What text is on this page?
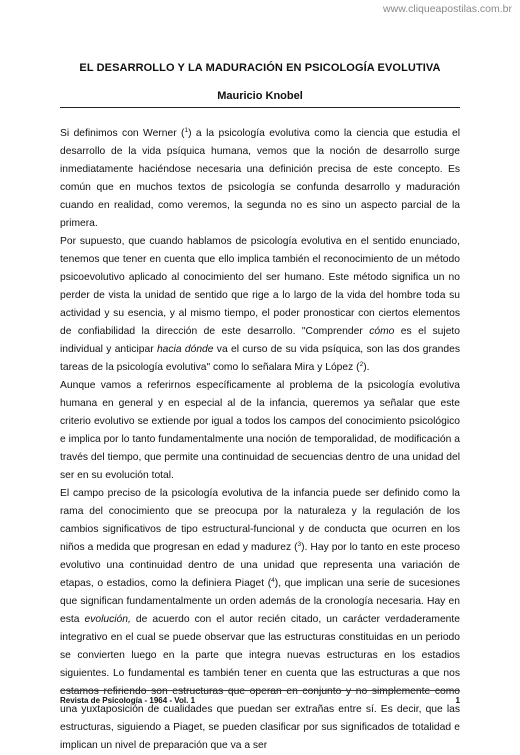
www.cliqueapostilas.com.br
EL DESARROLLO Y LA MADURACIÓN EN PSICOLOGÍA EVOLUTIVA
Mauricio Knobel

Si definimos con Werner ($^1$) a la psicología evolutiva como la ciencia que estudia el desarrollo de la vida psíquica humana, vemos que la noción de desarrollo surge inmediatamente haciéndose necesaria una definición precisa de este concepto. Es común que en muchos textos de psicología se confunda desarrollo y maduración cuando en realidad, como veremos, la segunda no es sino un aspecto parcial de la primera.

Por supuesto, que cuando hablamos de psicología evolutiva en el sentido enunciado, tenemos que tener en cuenta que ello implica también el reconocimiento de un método psicoevolutivo aplicado al conocimiento del ser humano. Este método significa un no perder de vista la unidad de sentido que rige a lo largo de la vida del hombre toda su actividad y su esencia, y al mismo tiempo, el poder pronosticar con ciertos elementos de confiabilidad la dirección de este desarrollo. "Comprender cómo es el sujeto individual y anticipar hacia dónde va el curso de su vida psíquica, son las dos grandes tareas de la psicología evolutiva" como lo señalara Mira y López ($^2$).

Aunque vamos a referirnos específicamente al problema de la psicología evolutiva humana en general y en especial al de la infancia, queremos ya señalar que este criterio evolutivo se extiende por igual a todos los campos del conocimiento psicológico e implica por lo tanto fundamentalmente una noción de temporalidad, de modificación a través del tiempo, que permite una continuidad de secuencias dentro de una unidad del ser en su evolución total.

El campo preciso de la psicología evolutiva de la infancia puede ser definido como la rama del conocimiento que se preocupa por la naturaleza y la regulación de los cambios significativos de tipo estructural-funcional y de conducta que ocurren en los niños a medida que progresan en edad y madurez ($^3$). Hay por lo tanto en este proceso evolutivo una continuidad dentro de una unidad que representa una variación de etapas, o estadios, como la definiera Piaget ($^4$), que implican una serie de sucesiones que significan fundamentalmente un orden además de la cronología necesaria. Hay en esta evolución, de acuerdo con el autor recién citado, un carácter verdaderamente integrativo en el cual se puede observar que las estructuras constituidas en un periodo se convierten luego en la parte que integra nuevas estructuras en los estadios siguientes. Lo fundamental es también tener en cuenta que las estructuras a que nos estamos refiriendo son estructuras que operan en conjunto y no simplemente como una yuxtaposición de cualidades que puedan ser extrañas entre sí. Es decir, que las estructuras, siguiendo a Piaget, se pueden clasificar por sus significados de totalidad e implican un nivel de preparación que va a ser

Revista de Psicología - 1964 - Vol. 1	1
